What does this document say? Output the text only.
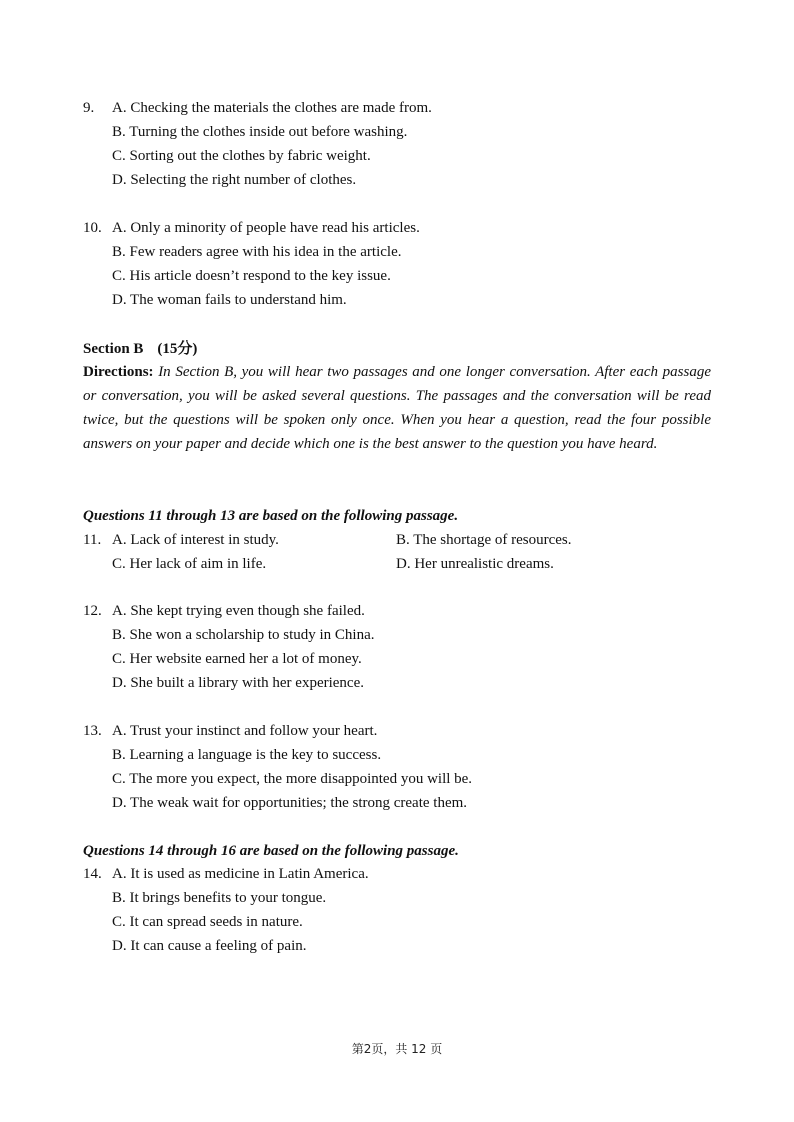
9.	A. Checking the materials the clothes are made from.
B. Turning the clothes inside out before washing.
C. Sorting out the clothes by fabric weight.
D. Selecting the right number of clothes.
10. A. Only a minority of people have read his articles.
B. Few readers agree with his idea in the article.
C. His article doesn’t respond to the key issue.
D. The woman fails to understand him.
Section B (15分)
Directions: In Section B, you will hear two passages and one longer conversation. After each passage or conversation, you will be asked several questions. The passages and the conversation will be read twice, but the questions will be spoken only once. When you hear a question, read the four possible answers on your paper and decide which one is the best answer to the question you have heard.
Questions 11 through 13 are based on the following passage.
11. A. Lack of interest in study.	B. The shortage of resources.
C. Her lack of aim in life.	D. Her unrealistic dreams.
12. A. She kept trying even though she failed.
B. She won a scholarship to study in China.
C. Her website earned her a lot of money.
D. She built a library with her experience.
13. A. Trust your instinct and follow your heart.
B. Learning a language is the key to success.
C. The more you expect, the more disappointed you will be.
D. The weak wait for opportunities; the strong create them.
Questions 14 through 16 are based on the following passage.
14. A. It is used as medicine in Latin America.
B. It brings benefits to your tongue.
C. It can spread seeds in nature.
D. It can cause a feeling of pain.
第2页，共 12 页
